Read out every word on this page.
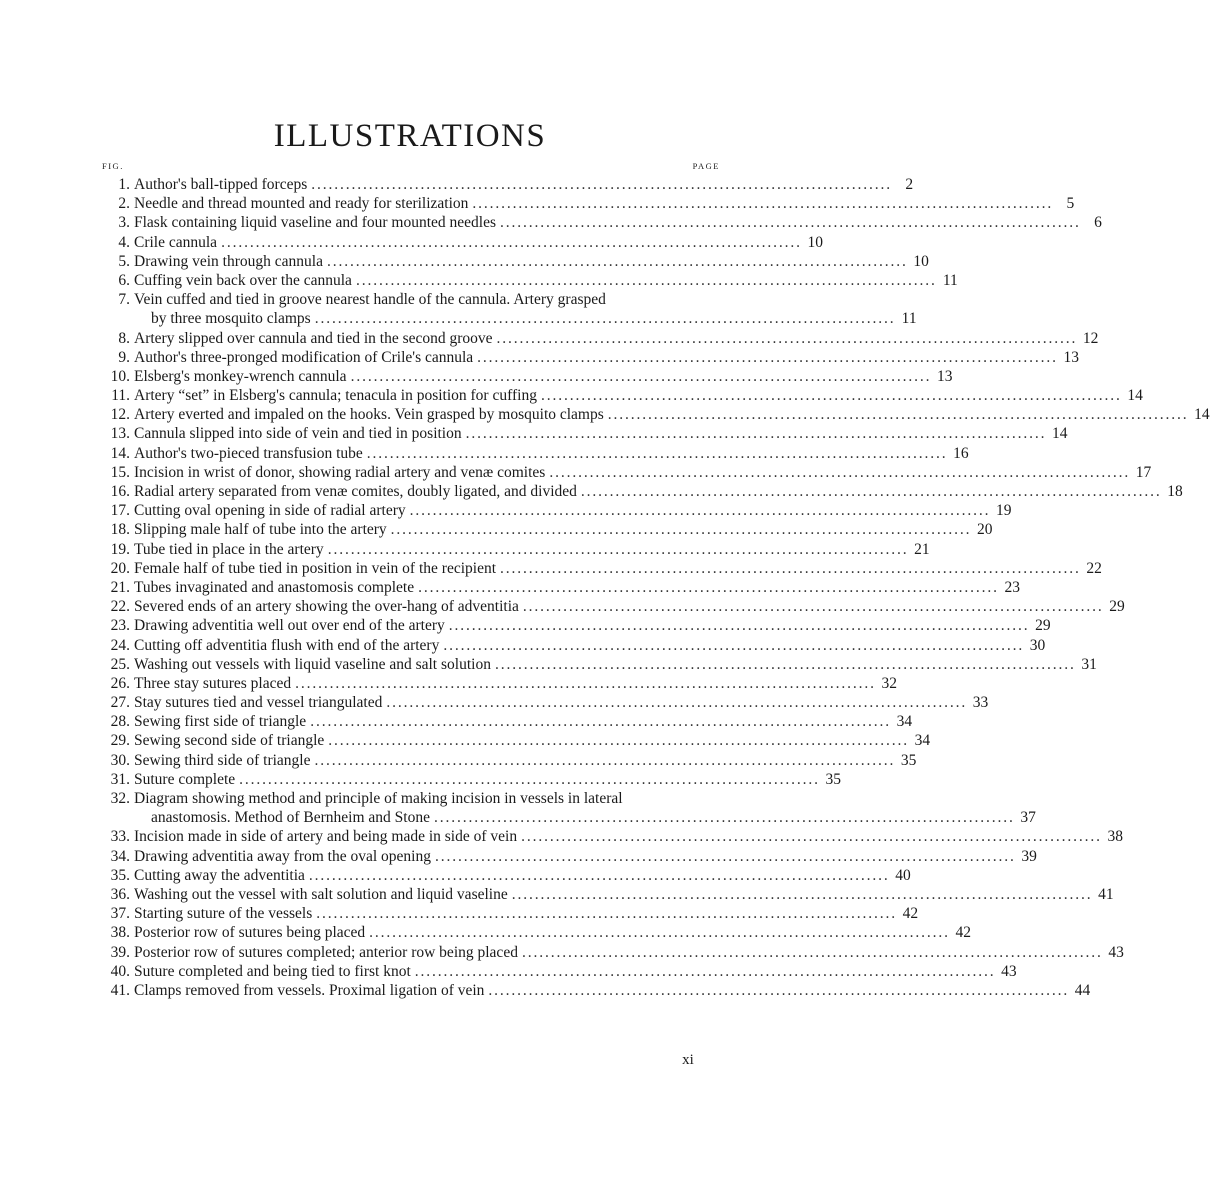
ILLUSTRATIONS
FIG.	PAGE
1. Author's ball-tipped forceps . . .	2
2. Needle and thread mounted and ready for sterilization . . .	5
3. Flask containing liquid vaseline and four mounted needles . . .	6
4. Crile cannula . . .	10
5. Drawing vein through cannula . . .	10
6. Cuffing vein back over the cannula . . .	11
7. Vein cuffed and tied in groove nearest handle of the cannula. Artery grasped
by three mosquito clamps . . .	11
8. Artery slipped over cannula and tied in the second groove . . .	12
9. Author's three-pronged modification of Crile's cannula . . .	13
10. Elsberg's monkey-wrench cannula . . .	13
11. Artery “set” in Elsberg's cannula; tenacula in position for cuffing . . .	14
12. Artery everted and impaled on the hooks. Vein grasped by mosquito clamps . . .	14
13. Cannula slipped into side of vein and tied in position . . .	14
14. Author's two-pieced transfusion tube . . .	16
15. Incision in wrist of donor, showing radial artery and venæ comites . . .	17
16. Radial artery separated from venæ comites, doubly ligated, and divided . . .	18
17. Cutting oval opening in side of radial artery . . .	19
18. Slipping male half of tube into the artery . . .	20
19. Tube tied in place in the artery . . .	21
20. Female half of tube tied in position in vein of the recipient . . .	22
21. Tubes invaginated and anastomosis complete . . .	23
22. Severed ends of an artery showing the over-hang of adventitia . . .	29
23. Drawing adventitia well out over end of the artery . . .	29
24. Cutting off adventitia flush with end of the artery . . .	30
25. Washing out vessels with liquid vaseline and salt solution . . .	31
26. Three stay sutures placed . . .	32
27. Stay sutures tied and vessel triangulated . . .	33
28. Sewing first side of triangle . . .	34
29. Sewing second side of triangle . . .	34
30. Sewing third side of triangle . . .	35
31. Suture complete . . .	35
32. Diagram showing method and principle of making incision in vessels in lateral
anastomosis. Method of Bernheim and Stone . . .	37
33. Incision made in side of artery and being made in side of vein . . .	38
34. Drawing adventitia away from the oval opening . . .	39
35. Cutting away the adventitia . . .	40
36. Washing out the vessel with salt solution and liquid vaseline . . .	41
37. Starting suture of the vessels . . .	42
38. Posterior row of sutures being placed . . .	42
39. Posterior row of sutures completed; anterior row being placed . . .	43
40. Suture completed and being tied to first knot . . .	43
41. Clamps removed from vessels. Proximal ligation of vein . . .	44
xi
